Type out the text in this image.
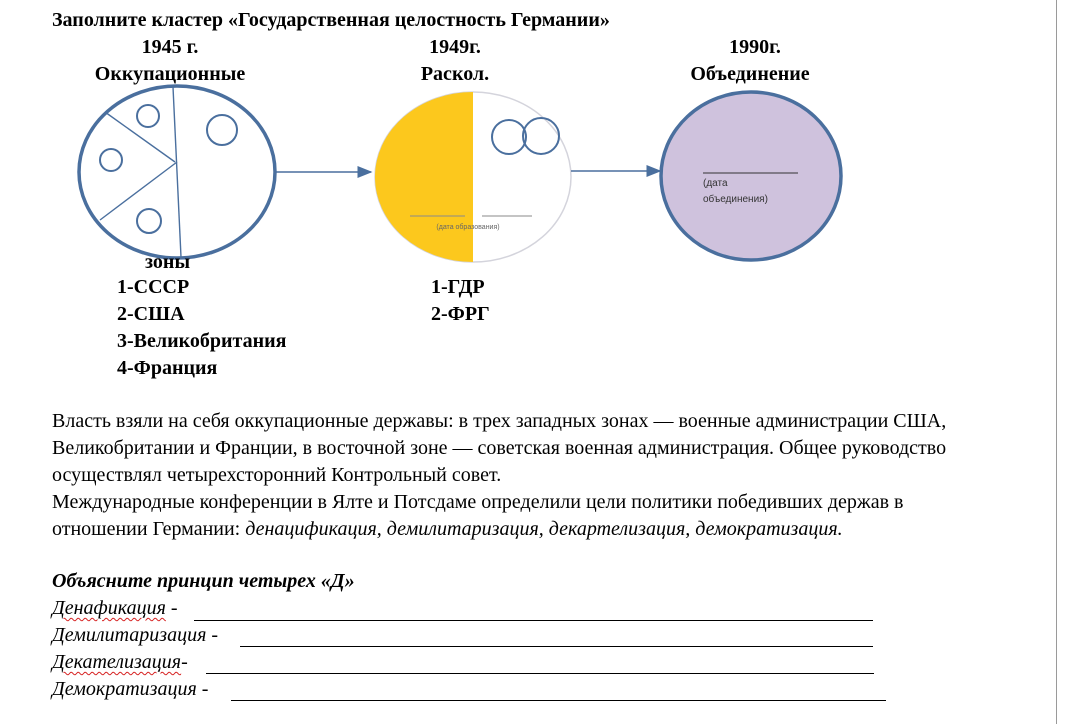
Заполните кластер «Государственная целостность Германии»
1945 г.
Оккупационные
1949г.
Раскол.
1990г.
Объединение
(дата образования)
(дата
объединения)
зоны
1-СССР
2-США
3-Великобритания
4-Франция
1-ГДР
2-ФРГ
Власть взяли на себя оккупационные державы: в трех западных зонах — военные администрации США,
Великобритании и Франции, в восточной зоне — советская военная администрация. Общее руководство
осуществлял четырехсторонний Контрольный совет.
Международные конференции в Ялте и Потсдаме определили цели политики победивших держав в
отношении Германии: денацификация, демилитаризация, декартелизация, демократизация.
Объясните принцип четырех «Д»
Денафикация -
Демилитаризация -
Декателизация-
Демократизация -
